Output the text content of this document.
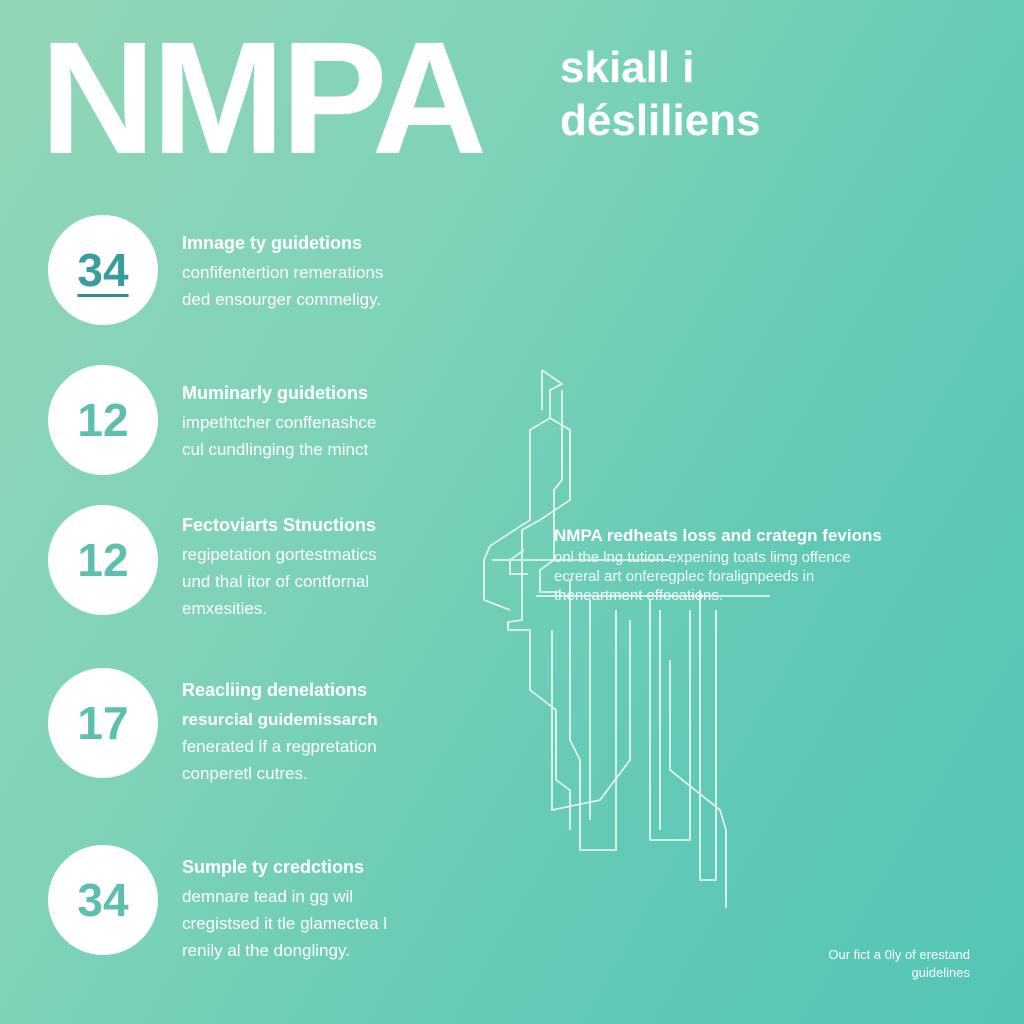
NMPA skiall i
désliliens
34
Imnage ty guidetions
confifentertion remerations
ded ensourger commeligy.
12
Muminarly guidetions
impethtcher conffenashce
cul cundlinging the minct
12
Fectoviarts Stnuctions
regipetation gortestmatics
und thal itor of contfornal
emxesities.
17
Reacliing denelations
resurcial guidemissarch
fenerated lf a regpretation
conperetl cutres.
34
Sumple ty credctions
demnare tead in gg wil
cregistsed it tle glamectea l
renily al the donglingy.
NMPA redheats loss and crategn fevions
onl the lng tution expening toats limg offence
ecreral art onferegplec foralignpeeds in
theneartment effocations.
Our fict a 0ly of erestand
guidelines
